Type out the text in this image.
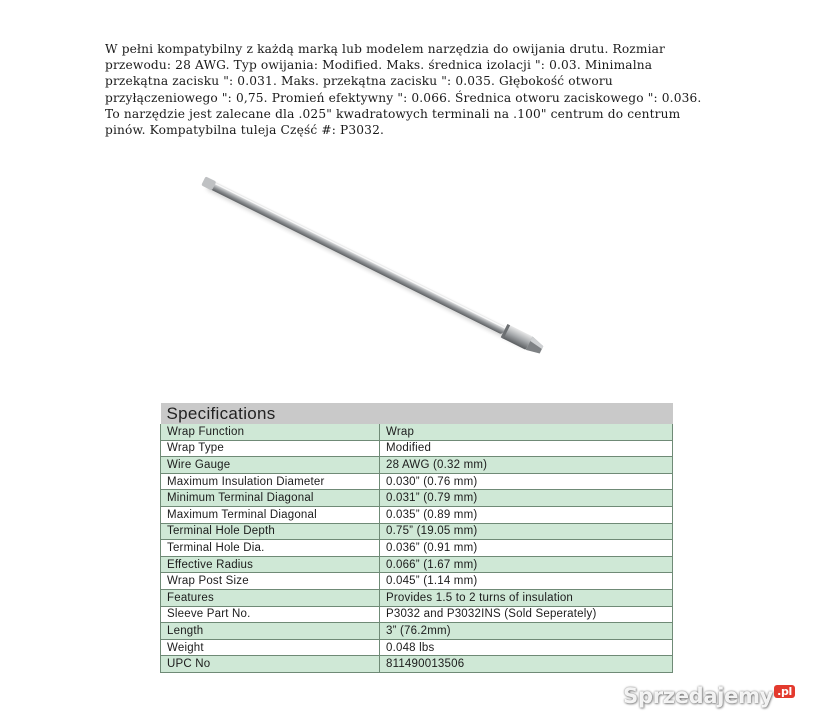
W pełni kompatybilny z każdą marką lub modelem narzędzia do owijania drutu. Rozmiar przewodu: 28 AWG. Typ owijania: Modified. Maks. średnica izolacji ": 0.03. Minimalna przekątna zacisku ": 0.031. Maks. przekątna zacisku ": 0.035. Głębokość otworu przyłączeniowego ": 0,75. Promień efektywny ": 0.066. Średnica otworu zaciskowego ": 0.036. To narzędzie jest zalecane dla .025" kwadratowych terminali na .100" centrum do centrum pinów. Kompatybilna tuleja Część #: P3032.

Specifications	
Wrap Function	Wrap
Wrap Type	Modified
Wire Gauge	28 AWG (0.32 mm)
Maximum Insulation Diameter	0.030” (0.76 mm)
Minimum Terminal Diagonal	0.031” (0.79 mm)
Maximum Terminal Diagonal	0.035” (0.89 mm)
Terminal Hole Depth	0.75” (19.05 mm)
Terminal Hole Dia.	0.036” (0.91 mm)
Effective Radius	0.066” (1.67 mm)
Wrap Post Size	0.045” (1.14 mm)
Features	Provides 1.5 to 2 turns of insulation
Sleeve Part No.	P3032 and P3032INS (Sold Seperately)
Length	3” (76.2mm)
Weight	0.048 lbs
UPC No	811490013506
Sprzedajemy .pl
